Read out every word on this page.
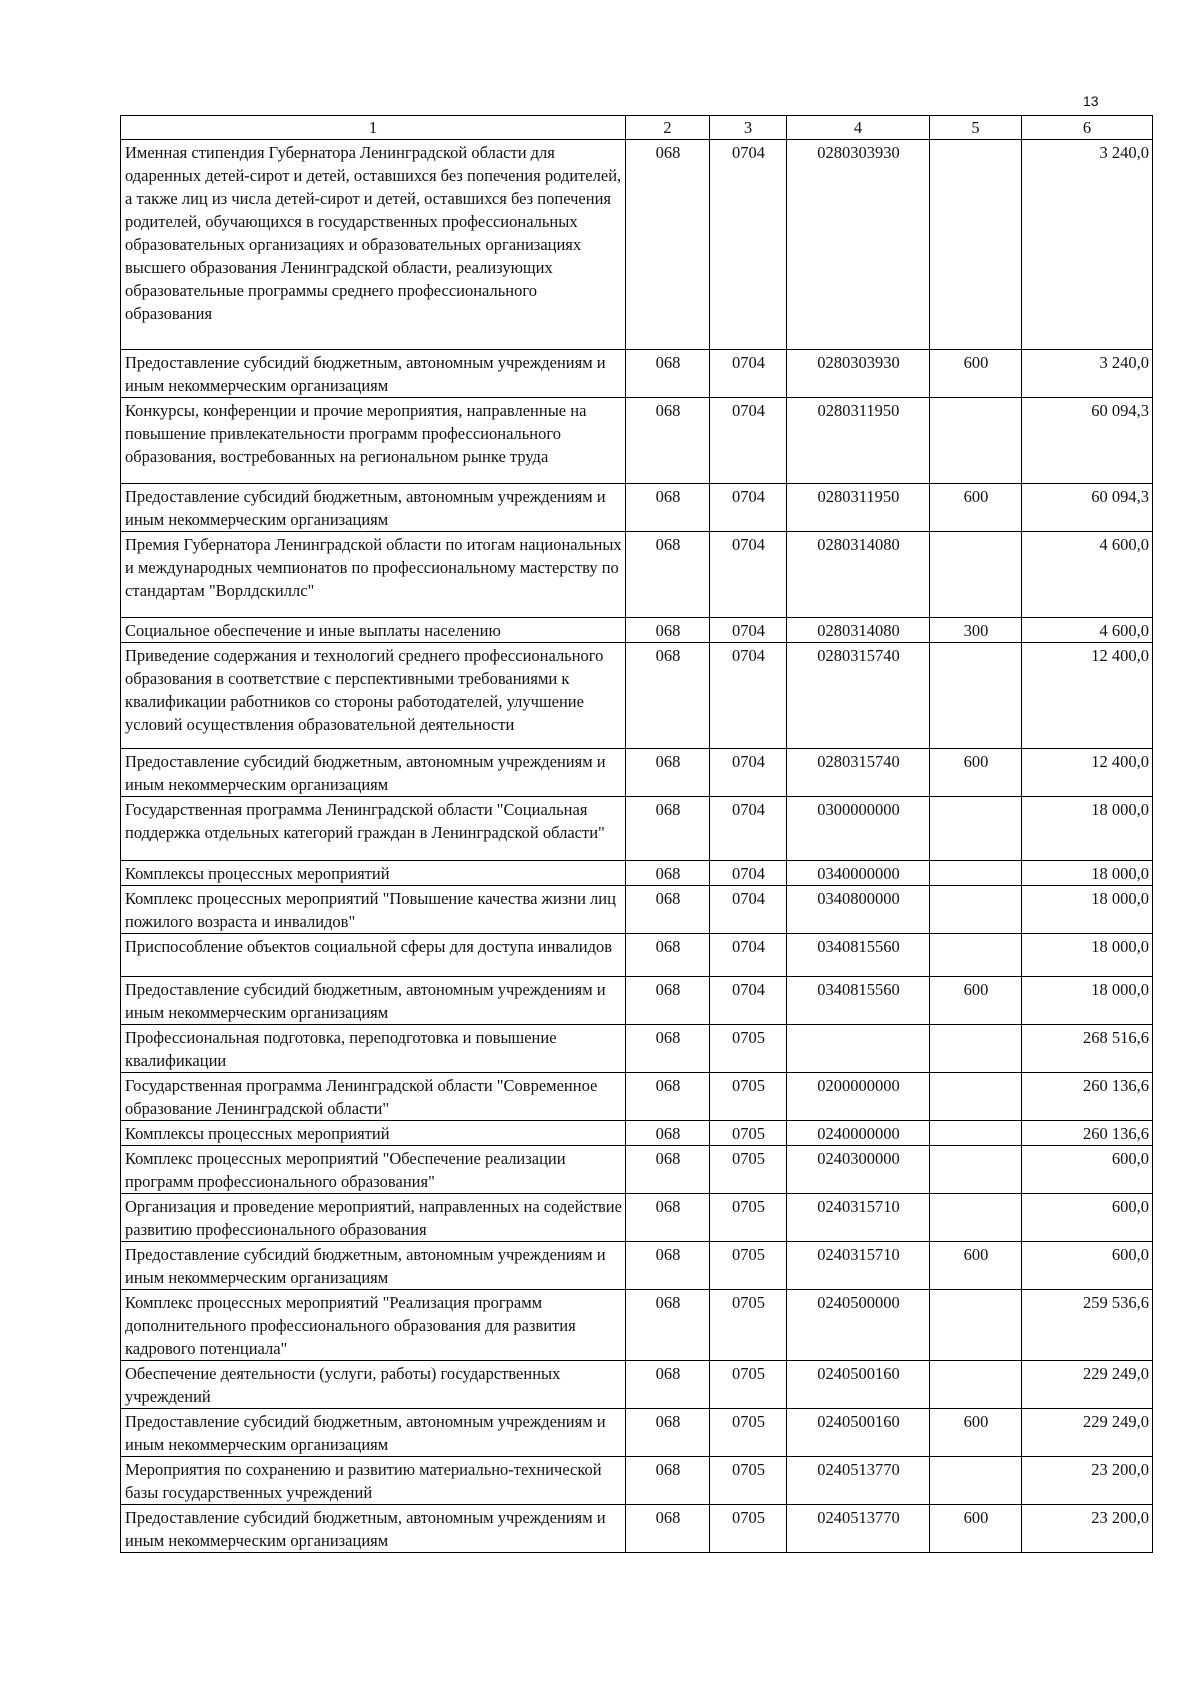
13
1	2	3	4	5	6
Именная стипендия Губернатора Ленинградской области для одаренных детей-сирот и детей, оставшихся без попечения родителей, а также лиц из числа детей-сирот и детей, оставшихся без попечения родителей, обучающихся в государственных профессиональных образовательных организациях и образовательных организациях высшего образования Ленинградской области, реализующих образовательные программы среднего профессионального образования	068	0704	0280303930		3 240,0
Предоставление субсидий бюджетным, автономным учреждениям и иным некоммерческим организациям	068	0704	0280303930	600	3 240,0
Конкурсы, конференции и прочие мероприятия, направленные на повышение привлекательности программ профессионального образования, востребованных на региональном рынке труда	068	0704	0280311950		60 094,3
Предоставление субсидий бюджетным, автономным учреждениям и иным некоммерческим организациям	068	0704	0280311950	600	60 094,3
Премия Губернатора Ленинградской области по итогам национальных и международных чемпионатов по профессиональному мастерству по стандартам "Ворлдскиллс"	068	0704	0280314080		4 600,0
Социальное обеспечение и иные выплаты населению	068	0704	0280314080	300	4 600,0
Приведение содержания и технологий среднего профессионального образования в соответствие с перспективными требованиями к квалификации работников со стороны работодателей, улучшение условий осуществления образовательной деятельности	068	0704	0280315740		12 400,0
Предоставление субсидий бюджетным, автономным учреждениям и иным некоммерческим организациям	068	0704	0280315740	600	12 400,0
Государственная программа Ленинградской области "Социальная поддержка отдельных категорий граждан в Ленинградской области"	068	0704	0300000000		18 000,0
Комплексы процессных мероприятий	068	0704	0340000000		18 000,0
Комплекс процессных мероприятий "Повышение качества жизни лиц пожилого возраста и инвалидов"	068	0704	0340800000		18 000,0
Приспособление объектов социальной сферы для доступа инвалидов	068	0704	0340815560		18 000,0
Предоставление субсидий бюджетным, автономным учреждениям и иным некоммерческим организациям	068	0704	0340815560	600	18 000,0
Профессиональная подготовка, переподготовка и повышение квалификации	068	0705			268 516,6
Государственная программа Ленинградской области "Современное образование Ленинградской области"	068	0705	0200000000		260 136,6
Комплексы процессных мероприятий	068	0705	0240000000		260 136,6
Комплекс процессных мероприятий "Обеспечение реализации программ профессионального образования"	068	0705	0240300000		600,0
Организация и проведение мероприятий, направленных на содействие развитию профессионального образования	068	0705	0240315710		600,0
Предоставление субсидий бюджетным, автономным учреждениям и иным некоммерческим организациям	068	0705	0240315710	600	600,0
Комплекс процессных мероприятий "Реализация программ дополнительного профессионального образования для развития кадрового потенциала"	068	0705	0240500000		259 536,6
Обеспечение деятельности (услуги, работы) государственных учреждений	068	0705	0240500160		229 249,0
Предоставление субсидий бюджетным, автономным учреждениям и иным некоммерческим организациям	068	0705	0240500160	600	229 249,0
Мероприятия по сохранению и развитию материально-технической базы государственных учреждений	068	0705	0240513770		23 200,0
Предоставление субсидий бюджетным, автономным учреждениям и иным некоммерческим организациям	068	0705	0240513770	600	23 200,0
